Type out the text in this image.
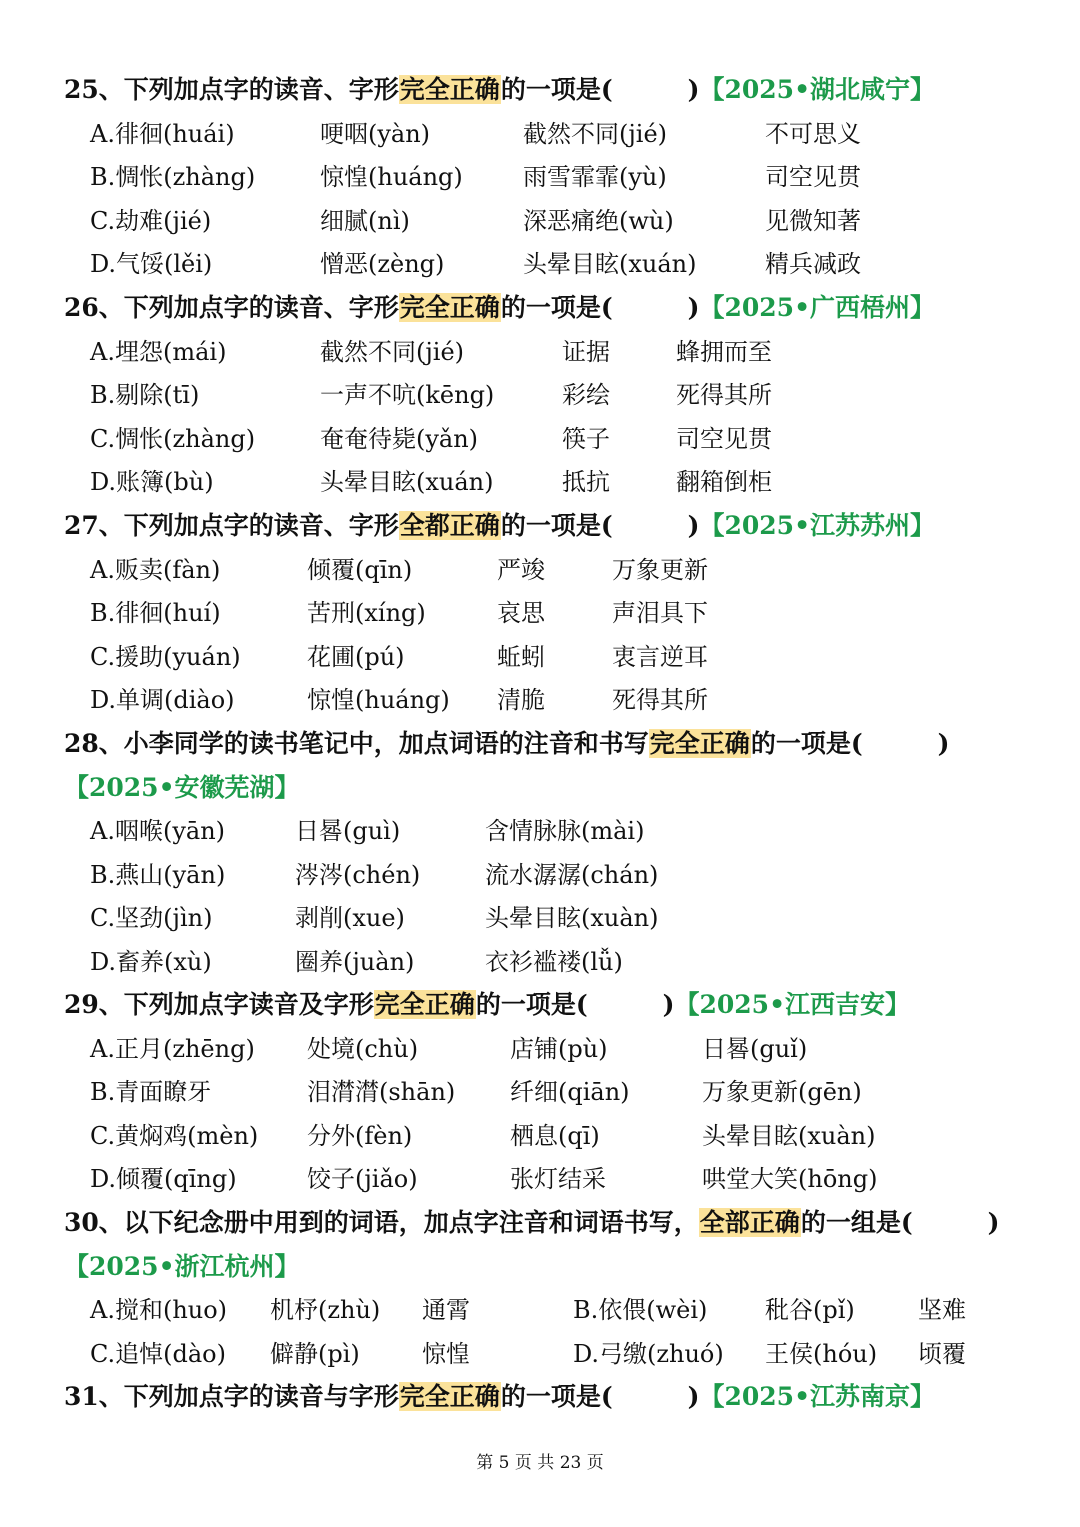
25、下列加点字的读音、字形完全正确的一项是(　　　)【2025•湖北咸宁】
A.徘徊(huái)	哽咽(yàn)	截然不同(jié)	不可思义
B.惆怅(zhàng)	惊惶(huáng)	雨雪霏霏(yù)	司空见贯
C.劫难(jié)	细腻(nì)	深恶痛绝(wù)	见微知著
D.气馁(lěi)	憎恶(zèng)	头晕目眩(xuán)	精兵减政
26、下列加点字的读音、字形完全正确的一项是(　　　)【2025•广西梧州】
A.埋怨(mái)	截然不同(jié)	证据	蜂拥而至
B.剔除(tī)	一声不吭(kēng)	彩绘	死得其所
C.惆怅(zhàng)	奄奄待毙(yǎn)	筷子	司空见贯
D.账簿(bù)	头晕目眩(xuán)	抵抗	翻箱倒柜
27、下列加点字的读音、字形全都正确的一项是(　　　)【2025•江苏苏州】
A.贩卖(fàn)	倾覆(qīn)	严竣	万象更新
B.徘徊(huí)	苦刑(xíng)	哀思	声泪具下
C.援助(yuán)	花圃(pú)	蚯蚓	衷言逆耳
D.单调(diào)	惊惶(huáng) 清脆	死得其所
28、小李同学的读书笔记中，加点词语的注音和书写完全正确的一项是(　　　)
【2025•安徽芜湖】
A.咽喉(yān)	日晷(guì)	含情脉脉(mài)
B.燕山(yān)	涔涔(chén)	流水潺潺(chán)
C.坚劲(jìn)	剥削(xue)	头晕目眩(xuàn)
D.畜养(xù)	圈养(juàn)	衣衫褴褛(lǚ)
29、下列加点字读音及字形完全正确的一项是(　　　)【2025•江西吉安】
A.正月(zhēng) 处境(chù)	店铺(pù)	日晷(guǐ)
B.青面瞭牙	泪潸潸(shān) 纤细(qiān)	万象更新(gēn)
C.黄焖鸡(mèn) 分外(fèn)	栖息(qī)	头晕目眩(xuàn)
D.倾覆(qīng)	饺子(jiǎo)	张灯结采	哄堂大笑(hōng)
30、以下纪念册中用到的词语，加点字注音和词语书写，全部正确的一组是(　　　)
【2025•浙江杭州】
A.搅和(huo) 机杼(zhù) 通霄	B.依偎(wèi) 秕谷(pǐ)	坚难
C.追悼(dào) 僻静(pì)	惊惶	D.弓缴(zhuó) 王侯(hóu) 顷覆
31、下列加点字的读音与字形完全正确的一项是(　　　)【2025•江苏南京】
第 5 页 共 23 页
